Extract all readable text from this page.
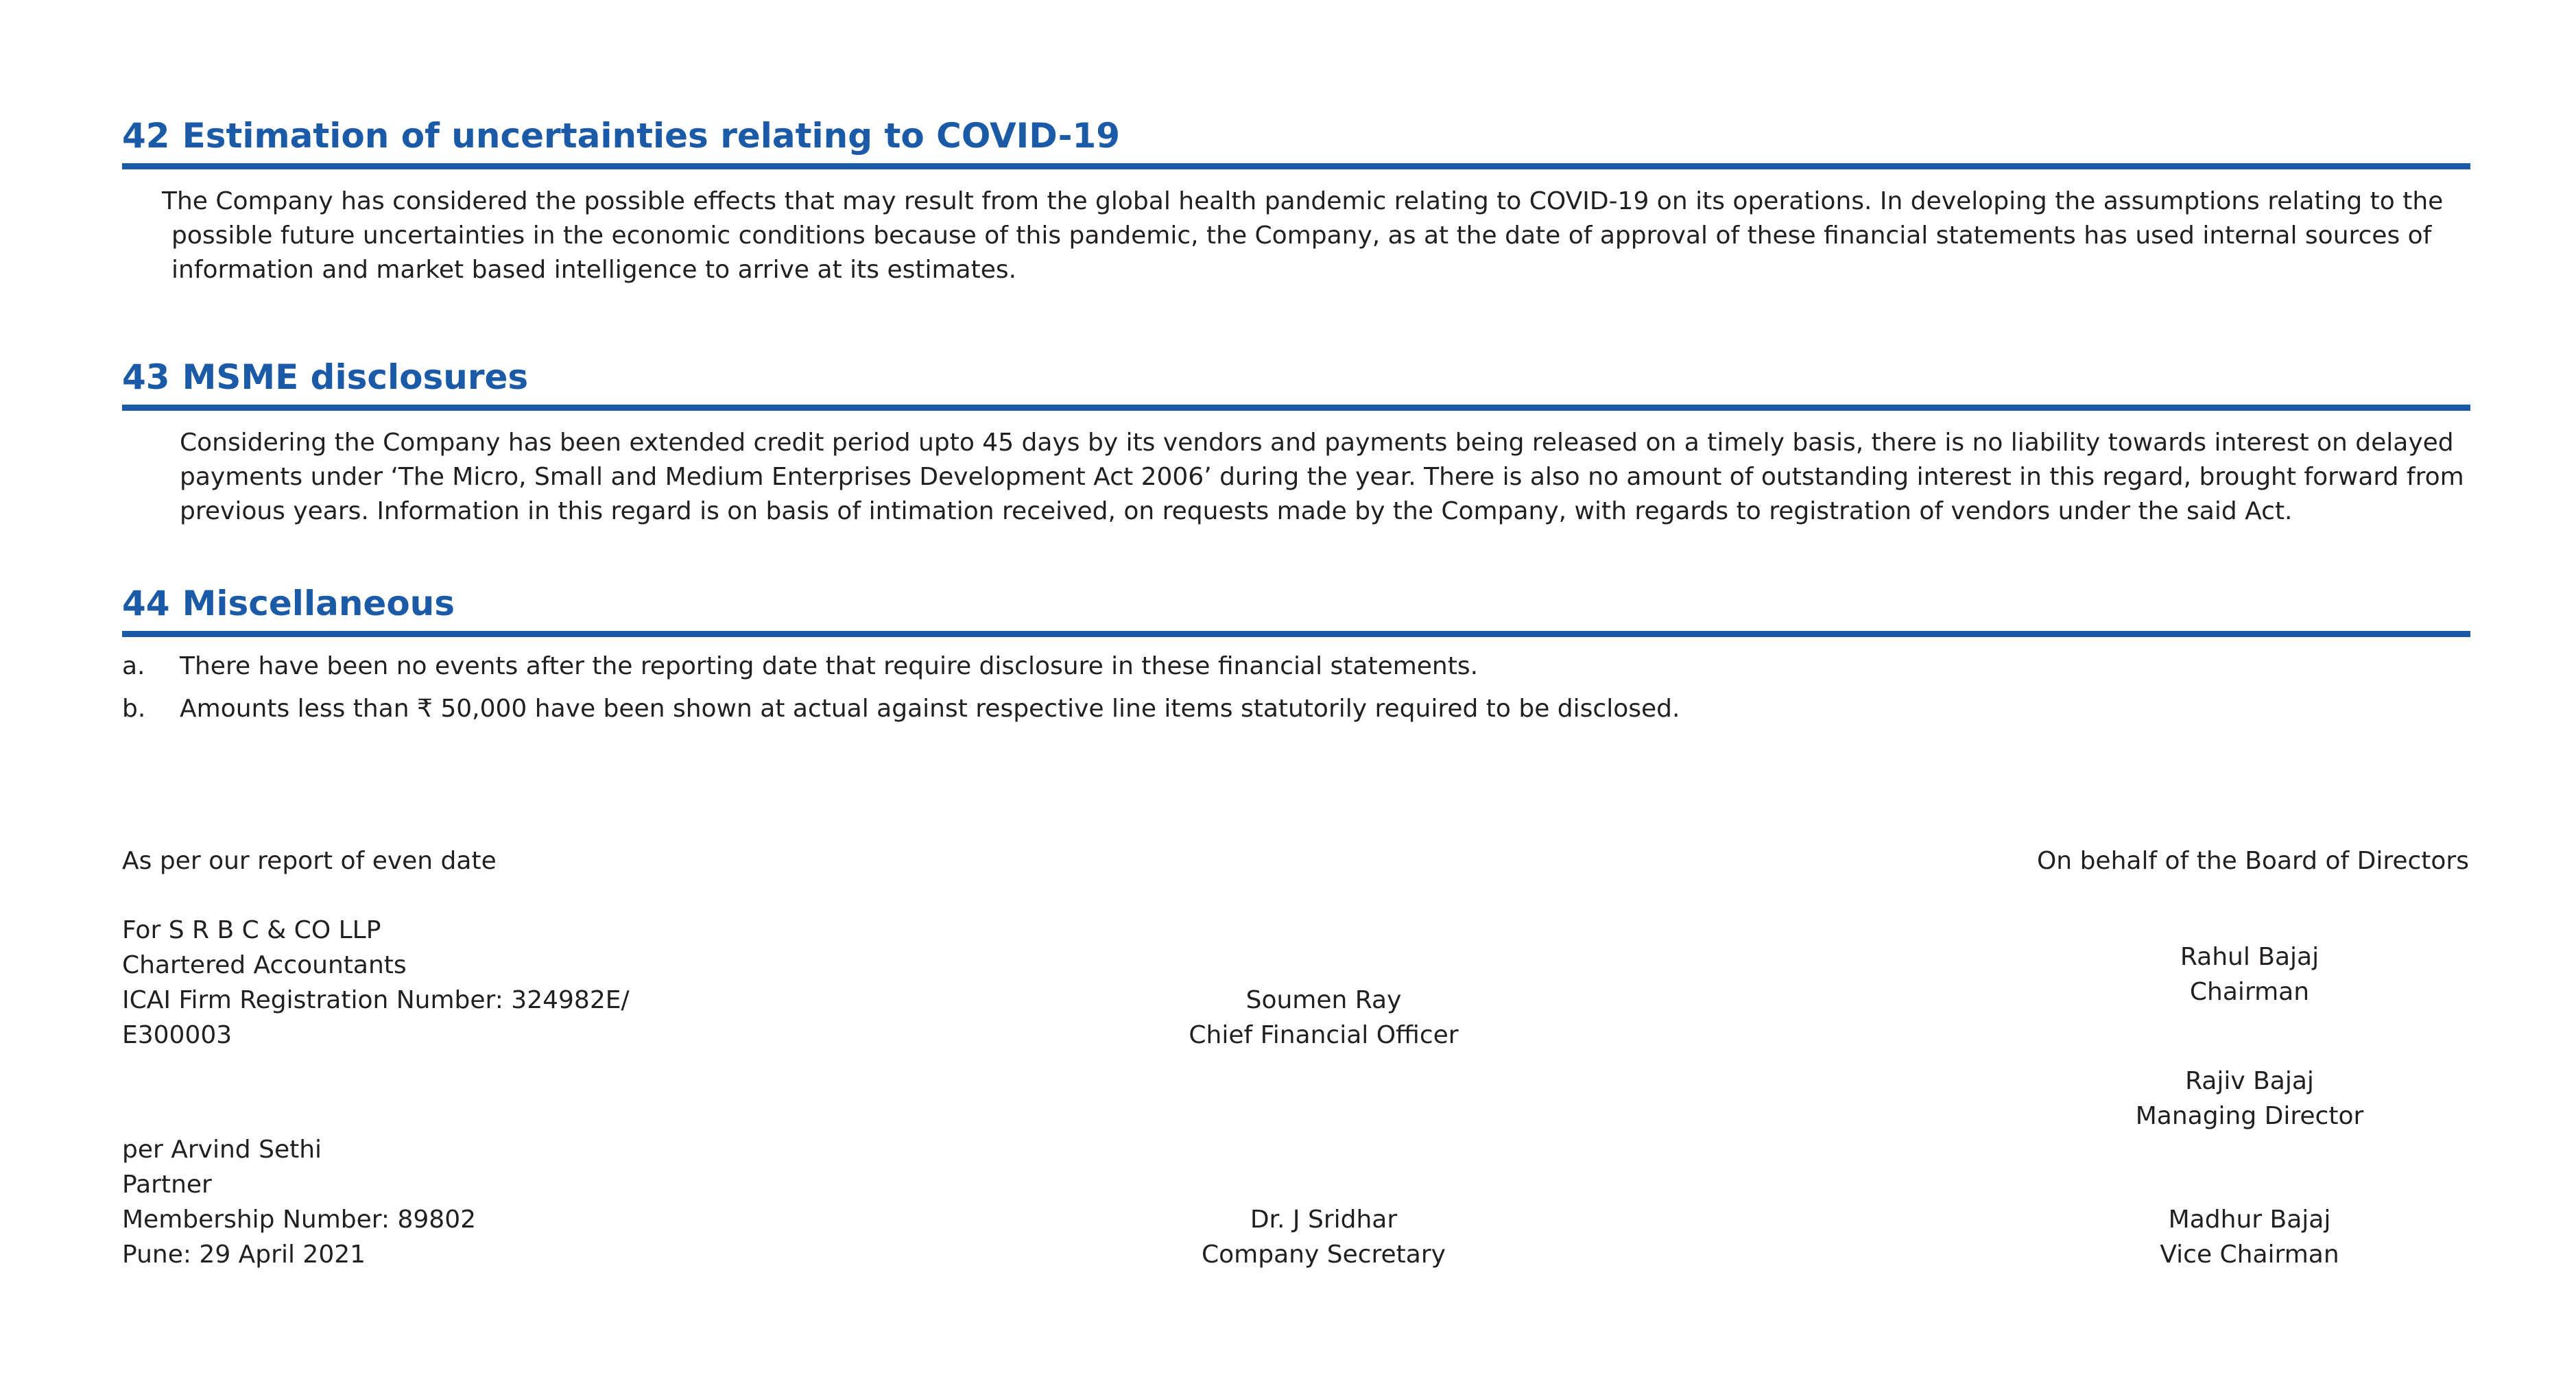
42 Estimation of uncertainties relating to COVID-19
The Company has considered the possible effects that may result from the global health pandemic relating to COVID-19 on its operations. In developing the assumptions relating to the possible future uncertainties in the economic conditions because of this pandemic, the Company, as at the date of approval of these financial statements has used internal sources of information and market based intelligence to arrive at its estimates.
43 MSME disclosures
Considering the Company has been extended credit period upto 45 days by its vendors and payments being released on a timely basis, there is no liability towards interest on delayed payments under ‘The Micro, Small and Medium Enterprises Development Act 2006’ during the year. There is also no amount of outstanding interest in this regard, brought forward from previous years. Information in this regard is on basis of intimation received, on requests made by the Company, with regards to registration of vendors under the said Act.
44 Miscellaneous
a.	There have been no events after the reporting date that require disclosure in these financial statements.
b.	Amounts less than ₹ 50,000 have been shown at actual against respective line items statutorily required to be disclosed.
As per our report of even date
For S R B C & CO LLP
Chartered Accountants
ICAI Firm Registration Number: 324982E/
E300003
per Arvind Sethi
Partner
Membership Number: 89802
Pune: 29 April 2021
Soumen Ray
Chief Financial Officer
Dr. J Sridhar
Company Secretary
On behalf of the Board of Directors
Rahul Bajaj
Chairman
Rajiv Bajaj
Managing Director
Madhur Bajaj
Vice Chairman
